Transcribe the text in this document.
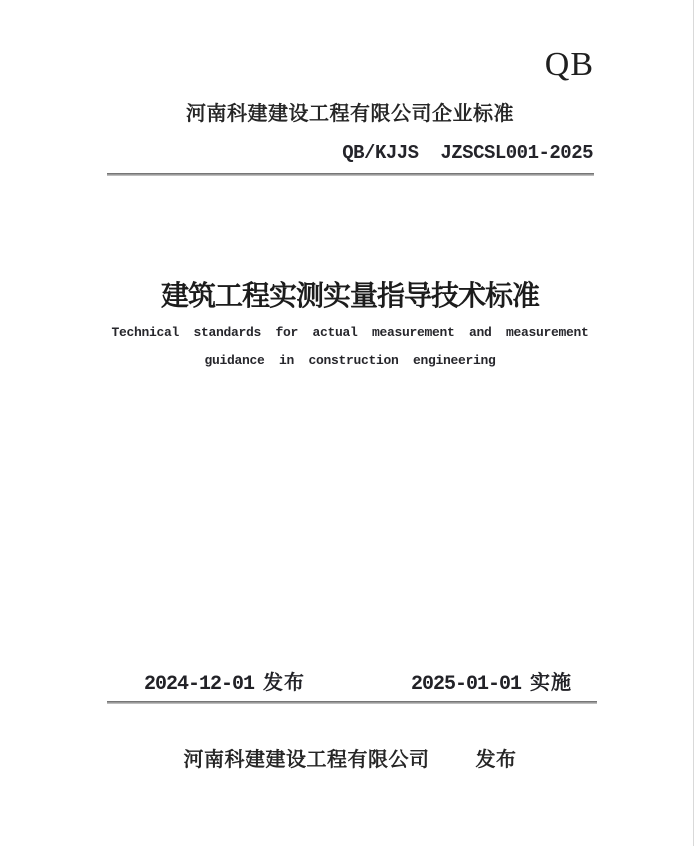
QB
河南科建建设工程有限公司企业标准
QB/KJJS  JZSCSL001-2025
建筑工程实测实量指导技术标准
Technical standards for actual measurement and measurement
guidance in construction engineering
2024-12-01 发布	2025-01-01 实施
河南科建建设工程有限公司 发布
